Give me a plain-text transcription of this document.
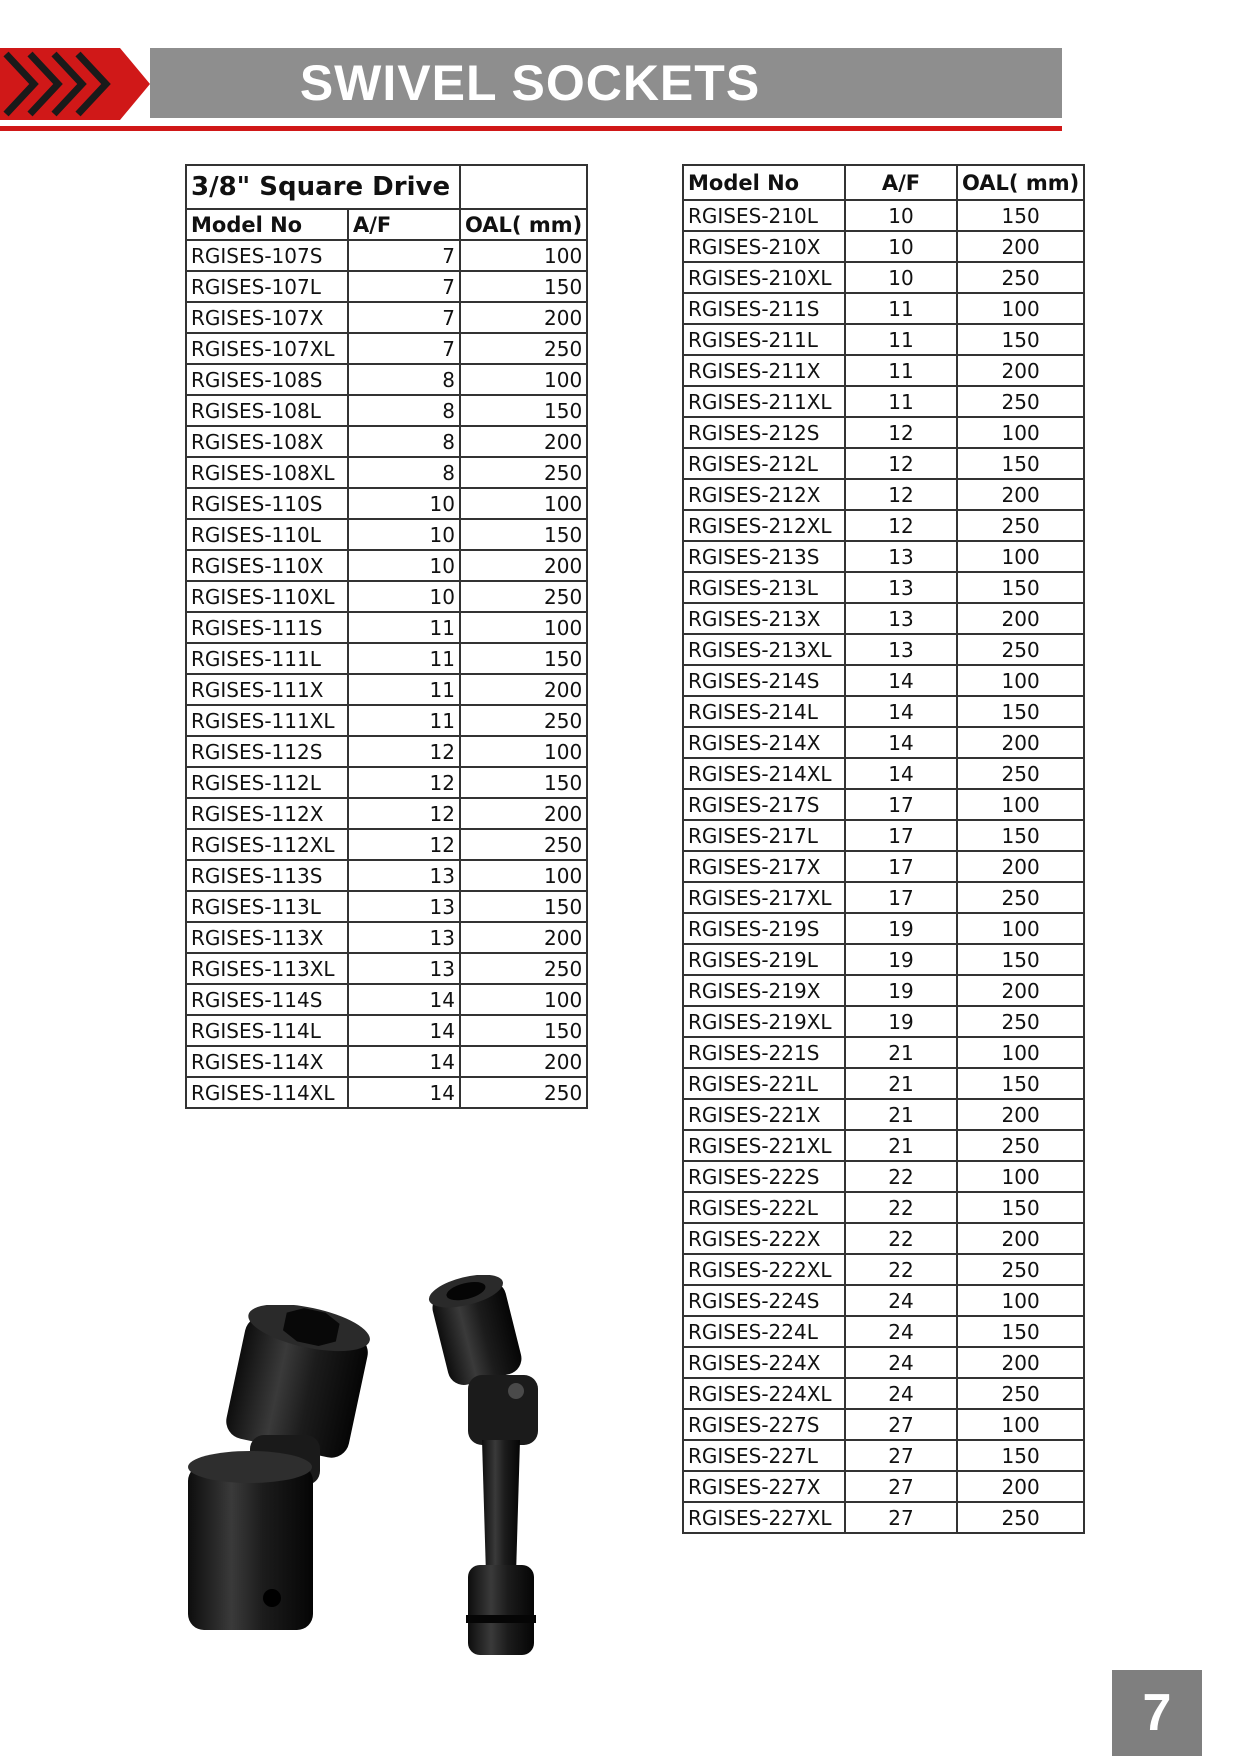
SWIVEL SOCKETS
3/8" Square Drive		
Model No	A/F	OAL( mm)
RGISES-107S	7	100
RGISES-107L	7	150
RGISES-107X	7	200
RGISES-107XL	7	250
RGISES-108S	8	100
RGISES-108L	8	150
RGISES-108X	8	200
RGISES-108XL	8	250
RGISES-110S	10	100
RGISES-110L	10	150
RGISES-110X	10	200
RGISES-110XL	10	250
RGISES-111S	11	100
RGISES-111L	11	150
RGISES-111X	11	200
RGISES-111XL	11	250
RGISES-112S	12	100
RGISES-112L	12	150
RGISES-112X	12	200
RGISES-112XL	12	250
RGISES-113S	13	100
RGISES-113L	13	150
RGISES-113X	13	200
RGISES-113XL	13	250
RGISES-114S	14	100
RGISES-114L	14	150
RGISES-114X	14	200
RGISES-114XL	14	250
Model No	A/F	OAL( mm)
RGISES-210L	10	150
RGISES-210X	10	200
RGISES-210XL	10	250
RGISES-211S	11	100
RGISES-211L	11	150
RGISES-211X	11	200
RGISES-211XL	11	250
RGISES-212S	12	100
RGISES-212L	12	150
RGISES-212X	12	200
RGISES-212XL	12	250
RGISES-213S	13	100
RGISES-213L	13	150
RGISES-213X	13	200
RGISES-213XL	13	250
RGISES-214S	14	100
RGISES-214L	14	150
RGISES-214X	14	200
RGISES-214XL	14	250
RGISES-217S	17	100
RGISES-217L	17	150
RGISES-217X	17	200
RGISES-217XL	17	250
RGISES-219S	19	100
RGISES-219L	19	150
RGISES-219X	19	200
RGISES-219XL	19	250
RGISES-221S	21	100
RGISES-221L	21	150
RGISES-221X	21	200
RGISES-221XL	21	250
RGISES-222S	22	100
RGISES-222L	22	150
RGISES-222X	22	200
RGISES-222XL	22	250
RGISES-224S	24	100
RGISES-224L	24	150
RGISES-224X	24	200
RGISES-224XL	24	250
RGISES-227S	27	100
RGISES-227L	27	150
RGISES-227X	27	200
RGISES-227XL	27	250
7
